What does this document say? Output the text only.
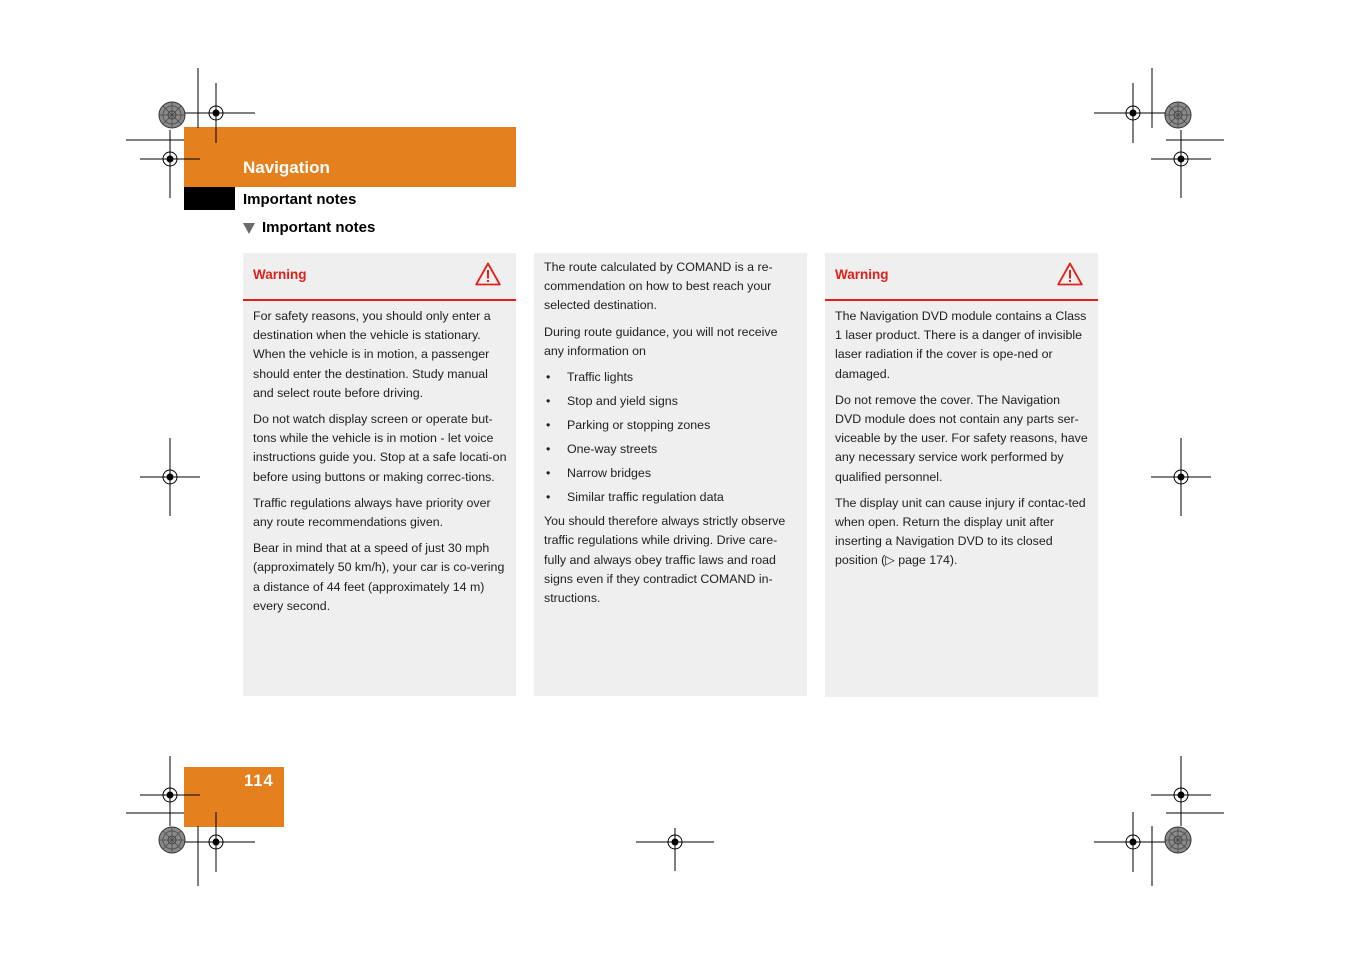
Navigation
Important notes
Important notes
Warning

For safety reasons, you should only enter a destination when the vehicle is stationary. When the vehicle is in motion, a passenger should enter the destination. Study manual and select route before driving.

Do not watch display screen or operate but-tons while the vehicle is in motion - let voice instructions guide you. Stop at a safe locati-on before using buttons or making correc-tions.

Traffic regulations always have priority over any route recommendations given.

Bear in mind that at a speed of just 30 mph (approximately 50 km/h), your car is co-vering a distance of 44 feet (approximately 14 m) every second.

The route calculated by COMAND is a re-commendation on how to best reach your selected destination.

During route guidance, you will not receive any information on

• Traffic lights
• Stop and yield signs
• Parking or stopping zones
• One-way streets
• Narrow bridges
• Similar traffic regulation data

You should therefore always strictly observe traffic regulations while driving. Drive care-fully and always obey traffic laws and road signs even if they contradict COMAND in-structions.

Warning

The Navigation DVD module contains a Class 1 laser product. There is a danger of invisible laser radiation if the cover is ope-ned or damaged.

Do not remove the cover. The Navigation DVD module does not contain any parts ser-viceable by the user. For safety reasons, have any necessary service work performed by qualified personnel.

The display unit can cause injury if contac-ted when open. Return the display unit after inserting a Navigation DVD to its closed position (▷ page 174).

114
